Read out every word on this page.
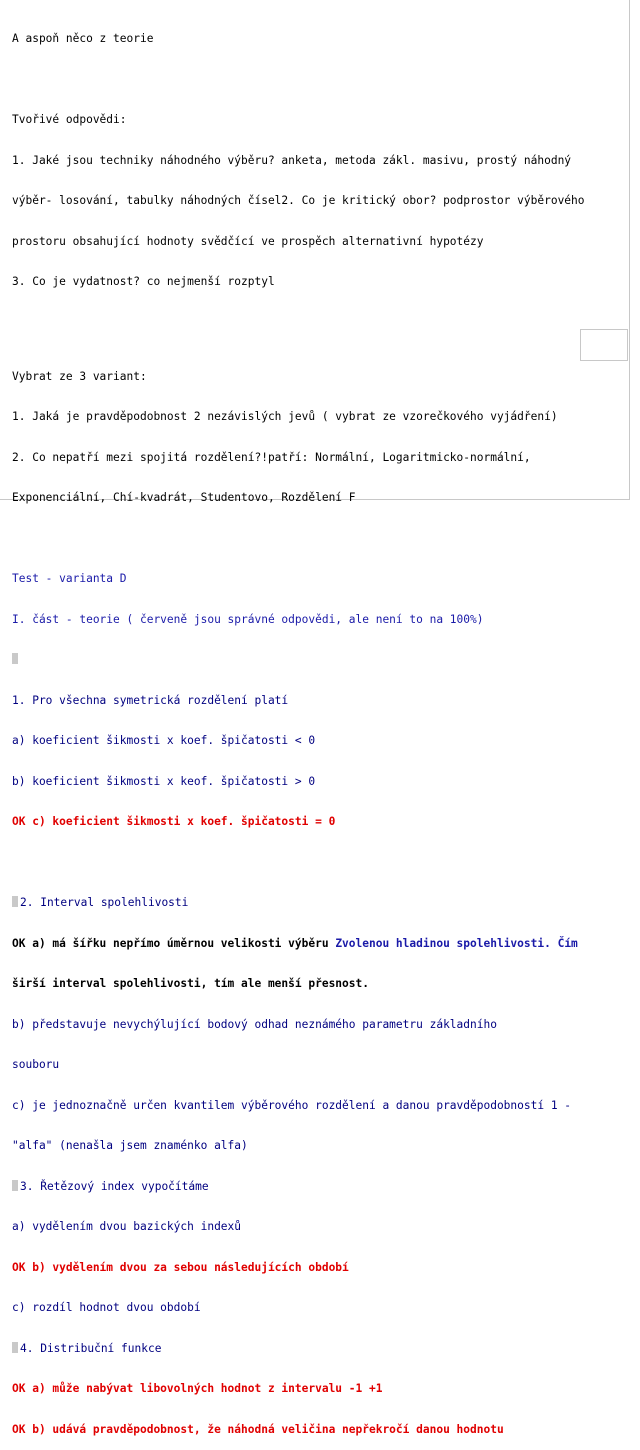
A aspoň něco z teorie

Tvořivé odpovědi:

1. Jaké jsou techniky náhodného výběru? anketa, metoda zákl. masivu, prostý náhodný

výběr- losování, tabulky náhodných čísel2. Co je kritický obor? podprostor výběrového

prostoru obsahující hodnoty svědčící ve prospěch alternativní hypotézy

3. Co je vydatnost? co nejmenší rozptyl

Vybrat ze 3 variant:

1. Jaká je pravděpodobnost 2 nezávislých jevů ( vybrat ze vzorečkového vyjádření)

2. Co nepatří mezi spojitá rozdělení?!patří: Normální, Logaritmicko-normální,

Exponenciální, Chí-kvadrát, Studentovo, Rozdělení F

Test - varianta D

I. část - teorie ( červeně jsou správné odpovědi, ale není to na 100%)

1. Pro všechna symetrická rozdělení platí

a) koeficient šikmosti x koef. špičatosti < 0

b) koeficient šikmosti x keof. špičatosti > 0

OK c) koeficient šikmosti x koef. špičatosti = 0

2. Interval spolehlivosti

OK a) má šířku nepřímo úměrnou velikosti výběru Zvolenou hladinou spolehlivosti. Čím

širší interval spolehlivosti, tím ale menší přesnost.

b) představuje nevychýlující bodový odhad neznámého parametru základního

souboru

c) je jednoznačně určen kvantilem výběrového rozdělení a danou pravděpodobností 1 -

"alfa" (nenašla jsem znaménko alfa)

3. Řetězový index vypočítáme

a) vydělením dvou bazických indexů

OK b) vydělením dvou za sebou následujících období

c) rozdíl hodnot dvou období

4. Distribuční funkce

OK a) může nabývat libovolných hodnot z intervalu -1 +1

OK b) udává pravděpodobnost, že náhodná veličina nepřekročí danou hodnotu
